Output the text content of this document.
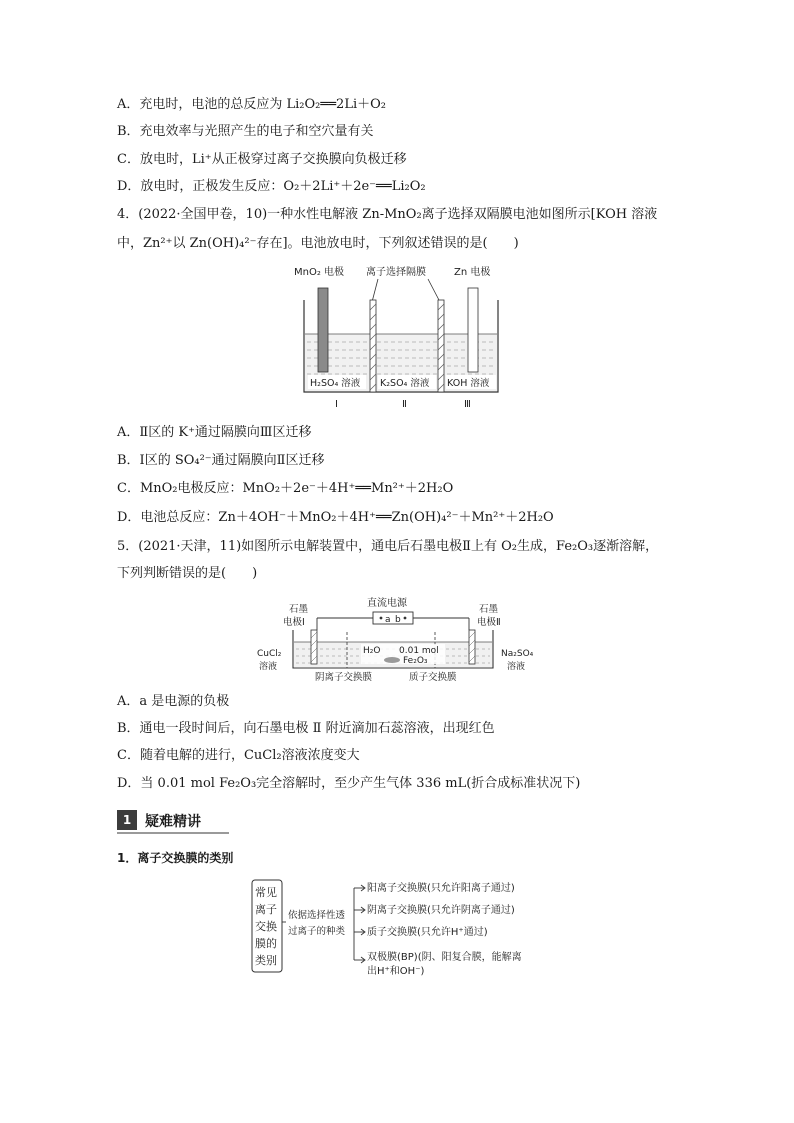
A．充电时，电池的总反应为 Li₂O₂══2Li＋O₂
B．充电效率与光照产生的电子和空穴量有关
C．放电时，Li⁺从正极穿过离子交换膜向负极迁移
D．放电时，正极发生反应：O₂＋2Li⁺＋2e⁻══Li₂O₂
4．(2022·全国甲卷，10)一种水性电解液 Zn-MnO₂离子选择双隔膜电池如图所示[KOH 溶液
中，Zn²⁺以 Zn(OH)₄²⁻存在]。电池放电时，下列叙述错误的是(　　)
MnO₂ 电极 离子选择隔膜	Zn 电极
H₂SO₄ 溶液 K₂SO₄ 溶液 KOH 溶液
Ⅰ	Ⅱ	Ⅲ
A．Ⅱ区的 K⁺通过隔膜向Ⅲ区迁移
B．Ⅰ区的 SO₄²⁻通过隔膜向Ⅱ区迁移
C．MnO₂电极反应：MnO₂＋2e⁻＋4H⁺══Mn²⁺＋2H₂O
D．电池总反应：Zn＋4OH⁻＋MnO₂＋4H⁺══Zn(OH)₄²⁻＋Mn²⁺＋2H₂O
5．(2021·天津，11)如图所示电解装置中，通电后石墨电极Ⅱ上有 O₂生成，Fe₂O₃逐渐溶解，
下列判断错误的是(　　)
直流电源
a b
石墨
电极Ⅰ
石墨
电极Ⅱ
H₂O 0.01 mol
Fe₂O₃
CuCl₂
溶液
Na₂SO₄
溶液
阴离子交换膜	质子交换膜
A．a 是电源的负极
B．通电一段时间后，向石墨电极 Ⅱ 附近滴加石蕊溶液，出现红色
C．随着电解的进行，CuCl₂溶液浓度变大
D．当 0.01 mol Fe₂O₃完全溶解时，至少产生气体 336 mL(折合成标准状况下)
1 疑难精讲
1．离子交换膜的类别
常见
离子
交换
膜的
类别
依据选择性透
过离子的种类
阳离子交换膜(只允许阳离子通过)
阴离子交换膜(只允许阴离子通过)
质子交换膜(只允许H⁺通过)
双极膜(BP)(阴、阳复合膜，能解离
出H⁺和OH⁻)
